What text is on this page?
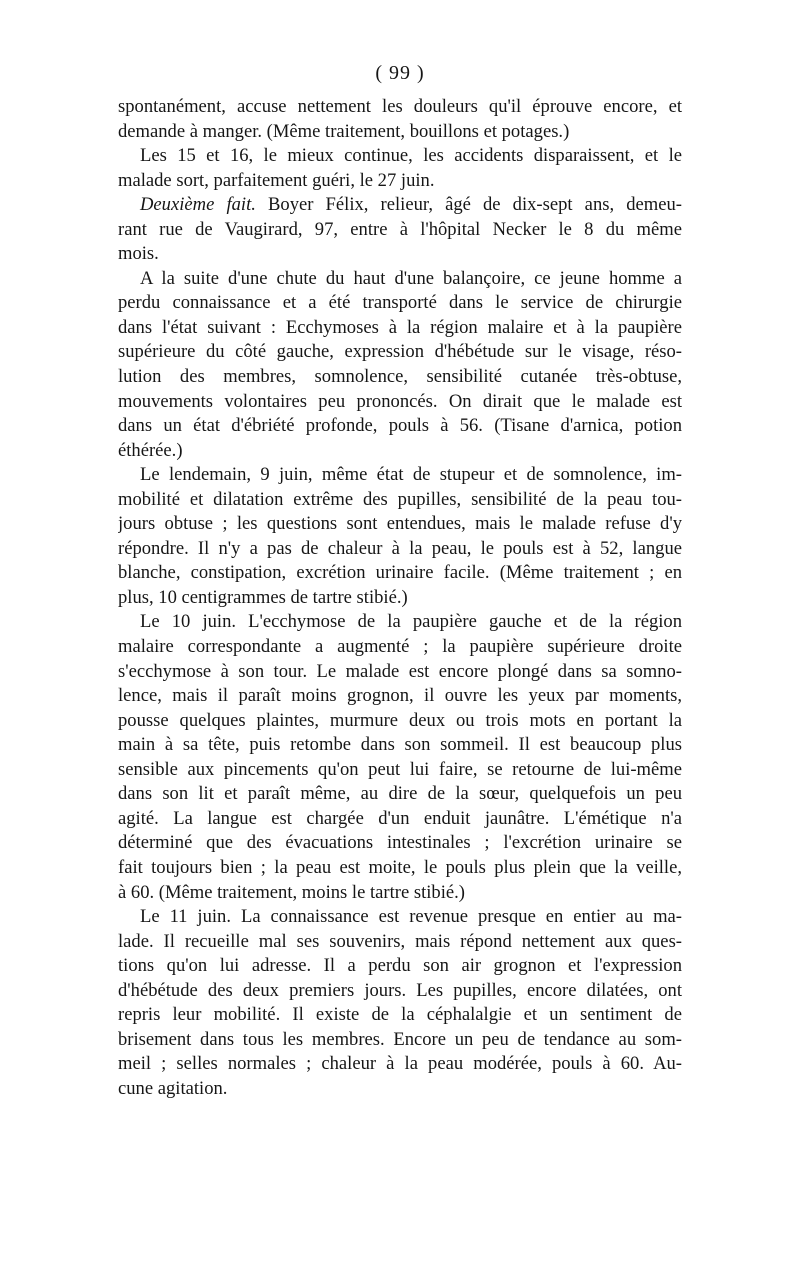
( 99 )
spontanément, accuse nettement les douleurs qu'il éprouve encore, et
demande à manger. (Même traitement, bouillons et potages.)
Les 15 et 16, le mieux continue, les accidents disparaissent, et le
malade sort, parfaitement guéri, le 27 juin.
Deuxième fait. Boyer Félix, relieur, âgé de dix-sept ans, demeu-
rant rue de Vaugirard, 97, entre à l'hôpital Necker le 8 du même
mois.
A la suite d'une chute du haut d'une balançoire, ce jeune homme a
perdu connaissance et a été transporté dans le service de chirurgie
dans l'état suivant : Ecchymoses à la région malaire et à la paupière
supérieure du côté gauche, expression d'hébétude sur le visage, réso-
lution des membres, somnolence, sensibilité cutanée très-obtuse,
mouvements volontaires peu prononcés. On dirait que le malade est
dans un état d'ébriété profonde, pouls à 56. (Tisane d'arnica, potion
éthérée.)
Le lendemain, 9 juin, même état de stupeur et de somnolence, im-
mobilité et dilatation extrême des pupilles, sensibilité de la peau tou-
jours obtuse ; les questions sont entendues, mais le malade refuse d'y
répondre. Il n'y a pas de chaleur à la peau, le pouls est à 52, langue
blanche, constipation, excrétion urinaire facile. (Même traitement ; en
plus, 10 centigrammes de tartre stibié.)
Le 10 juin. L'ecchymose de la paupière gauche et de la région
malaire correspondante a augmenté ; la paupière supérieure droite
s'ecchymose à son tour. Le malade est encore plongé dans sa somno-
lence, mais il paraît moins grognon, il ouvre les yeux par moments,
pousse quelques plaintes, murmure deux ou trois mots en portant la
main à sa tête, puis retombe dans son sommeil. Il est beaucoup plus
sensible aux pincements qu'on peut lui faire, se retourne de lui-même
dans son lit et paraît même, au dire de la sœur, quelquefois un peu
agité. La langue est chargée d'un enduit jaunâtre. L'émétique n'a
déterminé que des évacuations intestinales ; l'excrétion urinaire se
fait toujours bien ; la peau est moite, le pouls plus plein que la veille,
à 60. (Même traitement, moins le tartre stibié.)
Le 11 juin. La connaissance est revenue presque en entier au ma-
lade. Il recueille mal ses souvenirs, mais répond nettement aux ques-
tions qu'on lui adresse. Il a perdu son air grognon et l'expression
d'hébétude des deux premiers jours. Les pupilles, encore dilatées, ont
repris leur mobilité. Il existe de la céphalalgie et un sentiment de
brisement dans tous les membres. Encore un peu de tendance au som-
meil ; selles normales ; chaleur à la peau modérée, pouls à 60. Au-
cune agitation.
